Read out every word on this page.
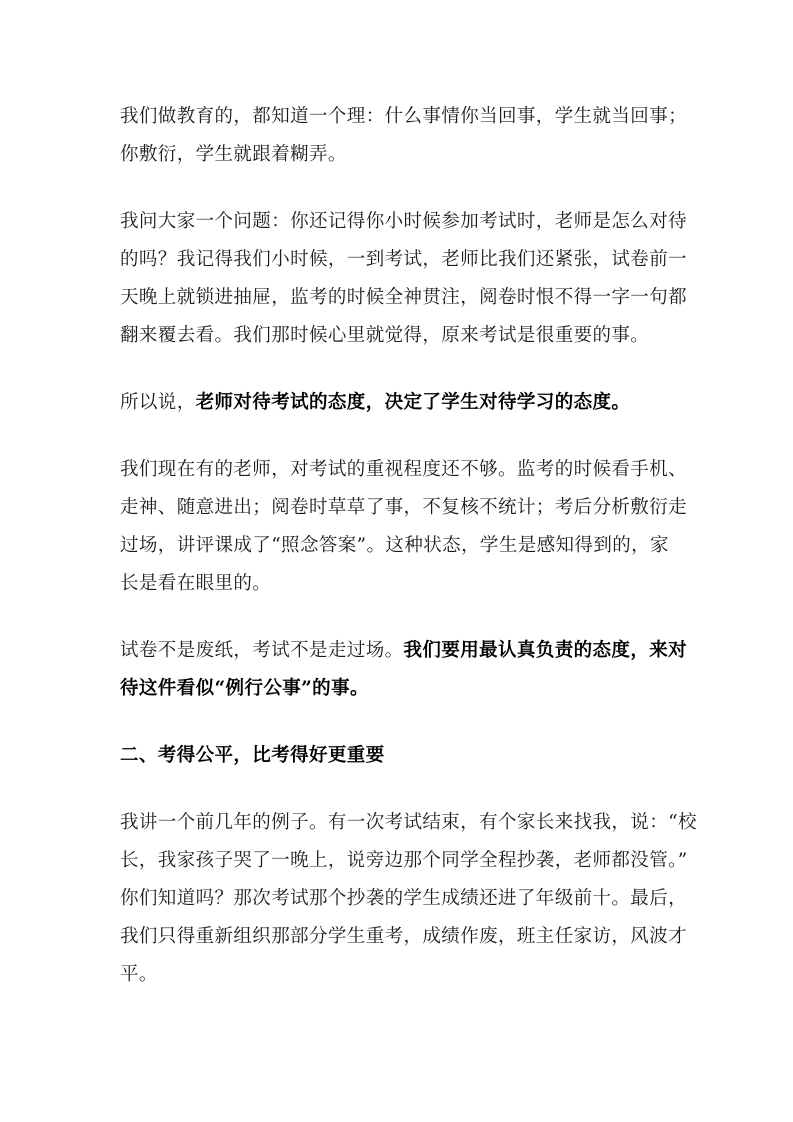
我们做教育的，都知道一个理：什么事情你当回事，学生就当回事；
你敷衍，学生就跟着糊弄。

我问大家一个问题：你还记得你小时候参加考试时，老师是怎么对待
的吗？我记得我们小时候，一到考试，老师比我们还紧张，试卷前一
天晚上就锁进抽屉，监考的时候全神贯注，阅卷时恨不得一字一句都
翻来覆去看。我们那时候心里就觉得，原来考试是很重要的事。

所以说，老师对待考试的态度，决定了学生对待学习的态度。

我们现在有的老师，对考试的重视程度还不够。监考的时候看手机、
走神、随意进出；阅卷时草草了事，不复核不统计；考后分析敷衍走
过场，讲评课成了“照念答案”。这种状态，学生是感知得到的，家
长是看在眼里的。

试卷不是废纸，考试不是走过场。我们要用最认真负责的态度，来对
待这件看似“例行公事”的事。

二、考得公平，比考得好更重要

我讲一个前几年的例子。有一次考试结束，有个家长来找我，说：“校
长，我家孩子哭了一晚上，说旁边那个同学全程抄袭，老师都没管。”
你们知道吗？那次考试那个抄袭的学生成绩还进了年级前十。最后，
我们只得重新组织那部分学生重考，成绩作废，班主任家访，风波才
平。
